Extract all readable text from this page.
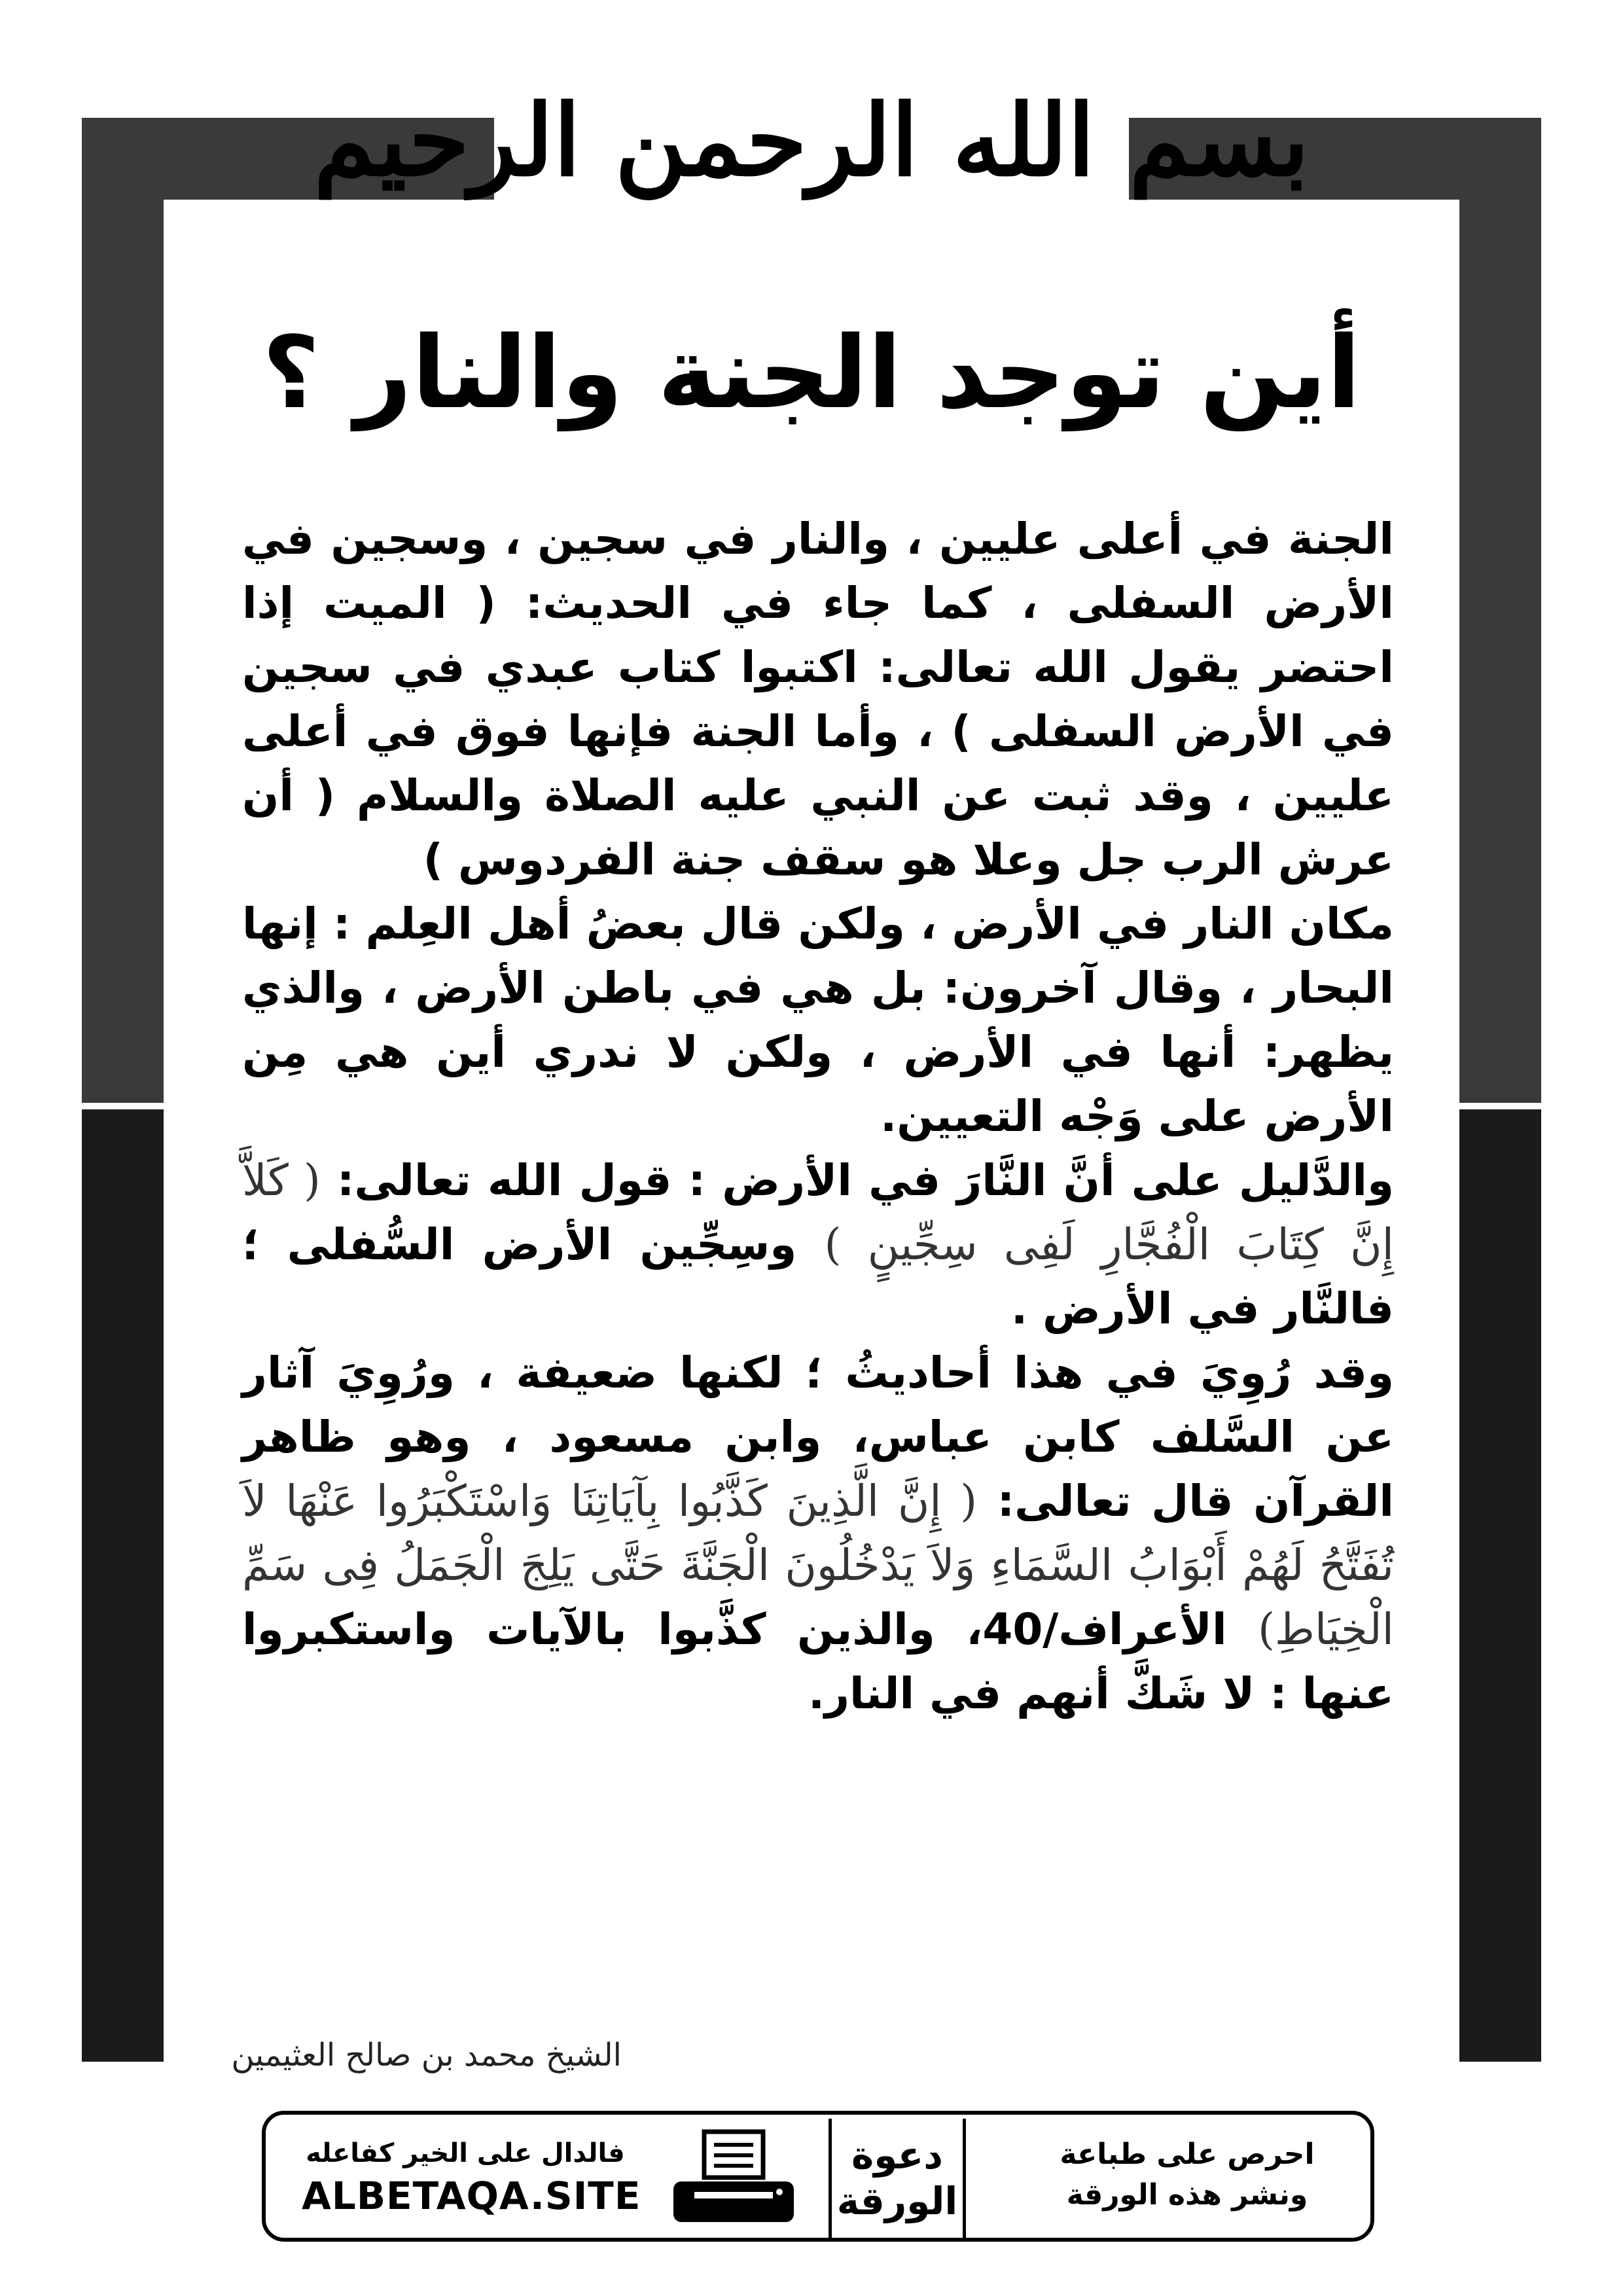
بسم الله الرحمن الرحيم
أين توجد الجنة والنار ؟

الجنة في أعلى عليين ، والنار في سجين ، وسجين في الأرض السفلى ، كما جاء في الحديث: ( الميت إذا احتضر يقول الله تعالى: اكتبوا كتاب عبدي في سجين في الأرض السفلى ) ، وأما الجنة فإنها فوق في أعلى عليين ، وقد ثبت عن النبي عليه الصلاة والسلام ( أن عرش الرب جل وعلا هو سقف جنة الفردوس )

مكان النار في الأرض ، ولكن قال بعضُ أهل العِلم : إنها البحار ، وقال آخرون: بل هي في باطن الأرض ، والذي يظهر: أنها في الأرض ، ولكن لا ندري أين هي مِن الأرض على وَجْه التعيين.

والدَّليل على أنَّ النَّارَ في الأرض : قول الله تعالى: ( كَلاَّ إِنَّ كِتَابَ الْفُجَّارِ لَفِى سِجِّينٍ ) وسِجِّين الأرض السُّفلى ؛ فالنَّار في الأرض .

وقد رُوِيَ في هذا أحاديثُ ؛ لكنها ضعيفة ، ورُوِيَ آثار عن السَّلف كابن عباس، وابن مسعود ، وهو ظاهر القرآن قال تعالى: ( إِنَّ الَّذِينَ كَذَّبُوا بِآيَاتِنَا وَاسْتَكْبَرُوا عَنْهَا لاَ تُفَتَّحُ لَهُمْ أَبْوَابُ السَّمَاءِ وَلاَ يَدْخُلُونَ الْجَنَّةَ حَتَّى يَلِجَ الْجَمَلُ فِى سَمِّ الْخِيَاطِ) الأعراف/40، والذين كذَّبوا بالآيات واستكبروا عنها : لا شَكَّ أنهم في النار.

الشيخ محمد بن صالح العثيمين
احرص على طباعة
ونشر هذه الورقة
دعوة
الورقة
فالدال على الخير كفاعله
ALBETAQA.SITE
